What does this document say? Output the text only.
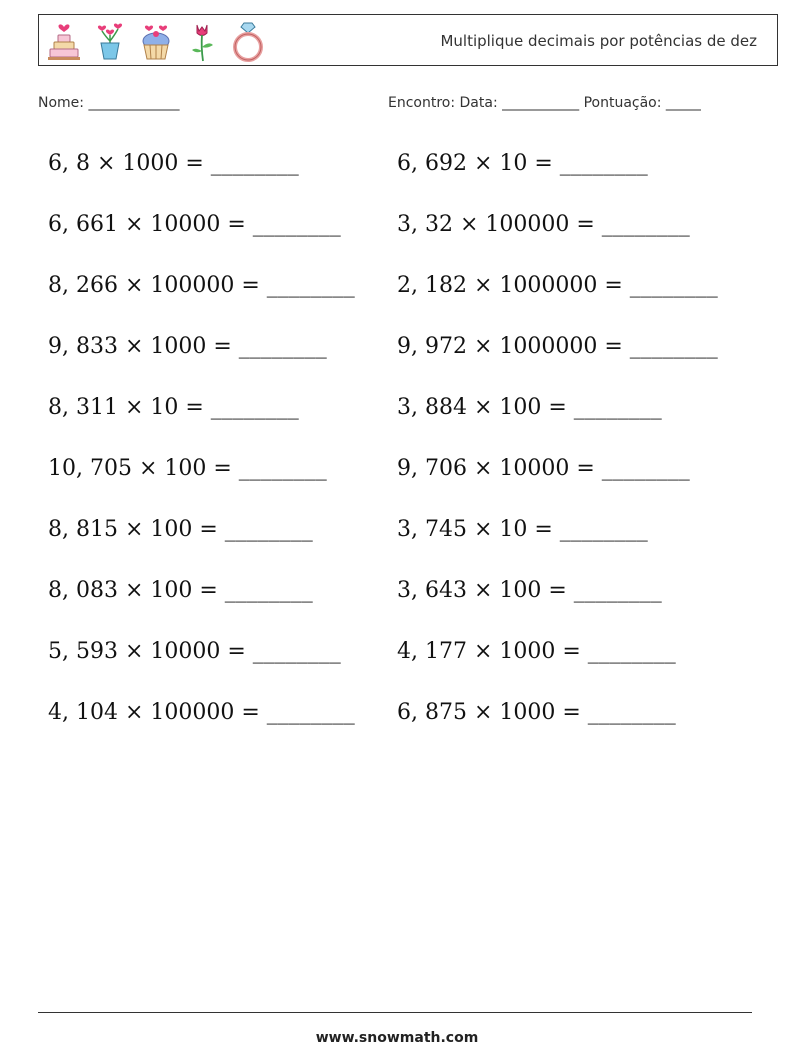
Multiplique decimais por potências de dez
Nome: _____________	Encontro: Data: ___________ Pontuação: _____
6, 8 × 1000 = ________	6, 692 × 10 = ________
6, 661 × 10000 = ________	3, 32 × 100000 = ________
8, 266 × 100000 = ________	2, 182 × 1000000 = ________
9, 833 × 1000 = ________	9, 972 × 1000000 = ________
8, 311 × 10 = ________	3, 884 × 100 = ________
10, 705 × 100 = ________	9, 706 × 10000 = ________
8, 815 × 100 = ________	3, 745 × 10 = ________
8, 083 × 100 = ________	3, 643 × 100 = ________
5, 593 × 10000 = ________	4, 177 × 1000 = ________
4, 104 × 100000 = ________	6, 875 × 1000 = ________
www.snowmath.com
